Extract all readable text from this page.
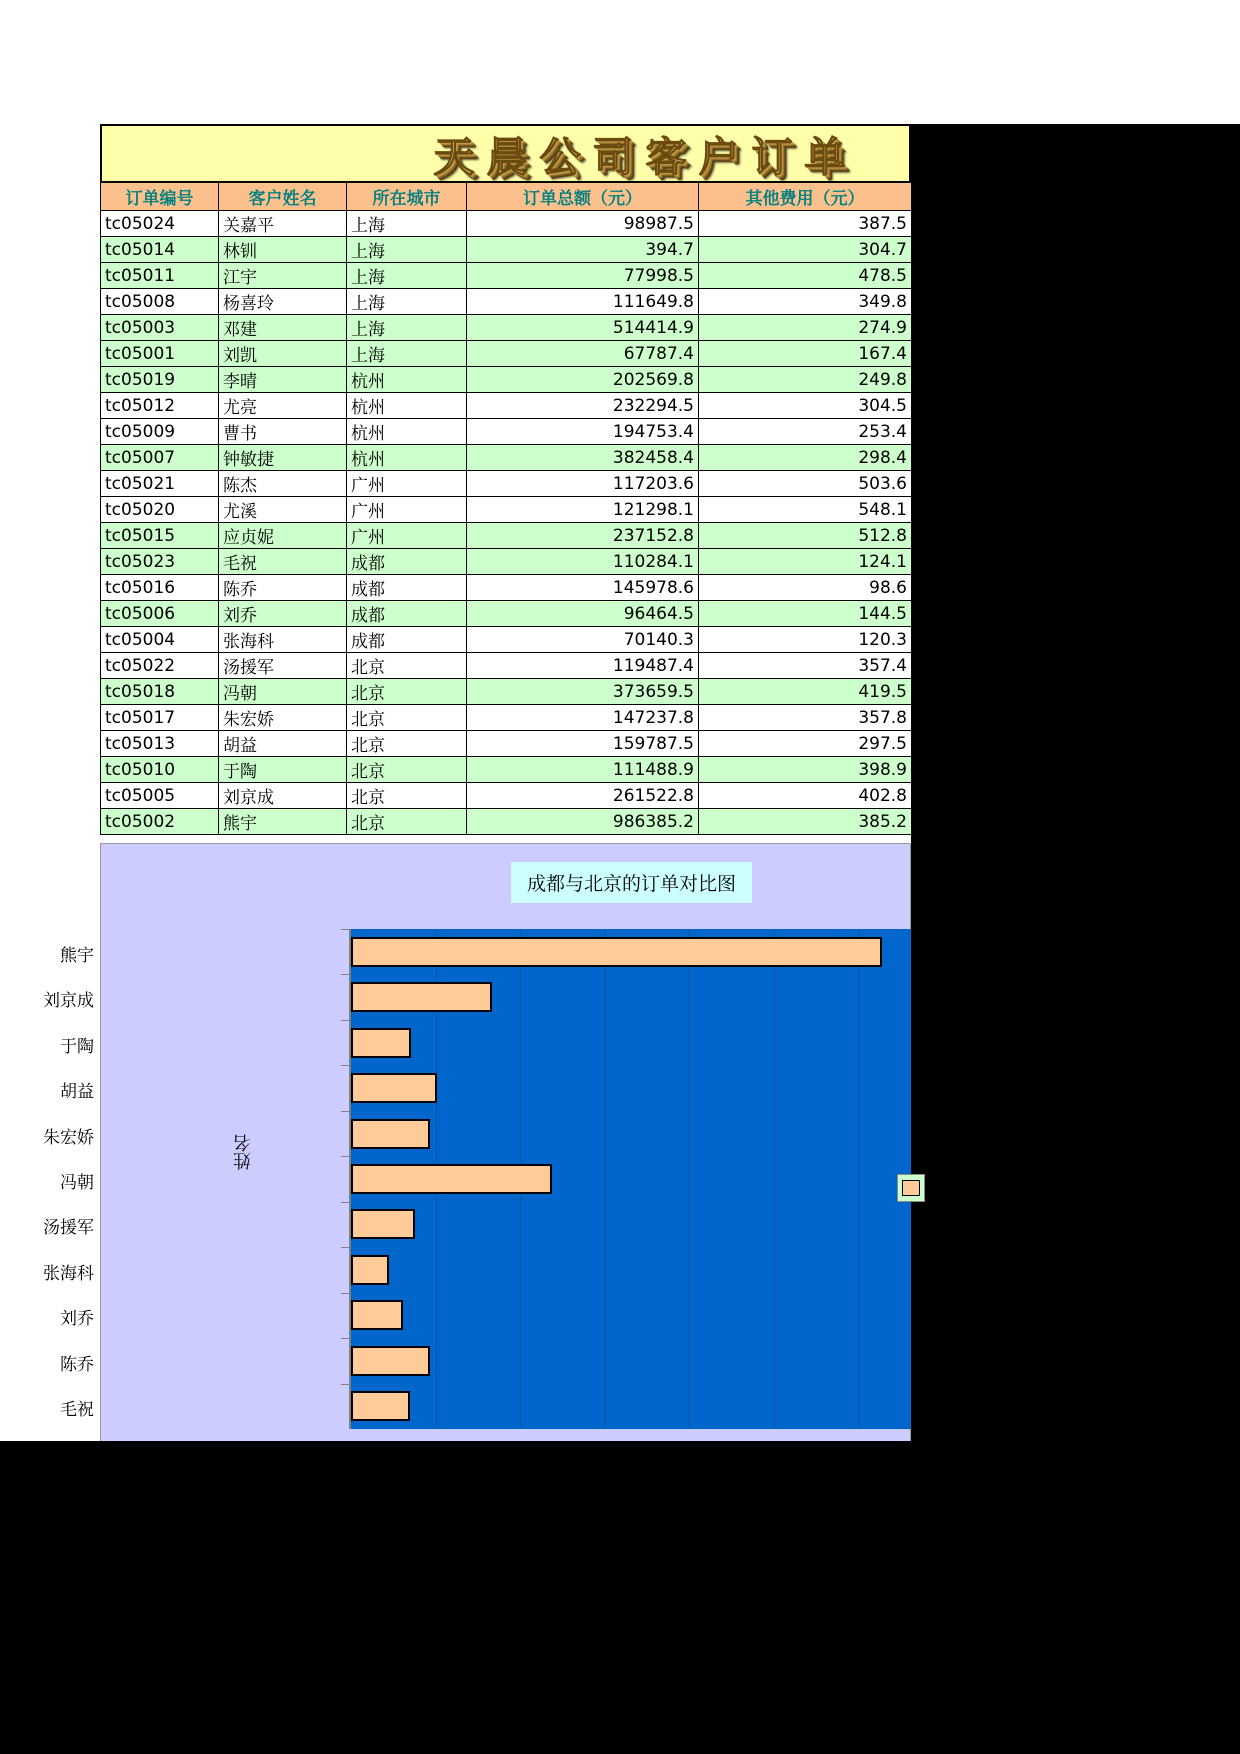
天晨公司客户订单
订单编号	客户姓名	所在城市	订单总额（元）	其他费用（元）
tc05024	关嘉平	上海	98987.5	387.5
tc05014	林钏	上海	394.7	304.7
tc05011	江宇	上海	77998.5	478.5
tc05008	杨喜玲	上海	111649.8	349.8
tc05003	邓建	上海	514414.9	274.9
tc05001	刘凯	上海	67787.4	167.4
tc05019	李晴	杭州	202569.8	249.8
tc05012	尤亮	杭州	232294.5	304.5
tc05009	曹书	杭州	194753.4	253.4
tc05007	钟敏捷	杭州	382458.4	298.4
tc05021	陈杰	广州	117203.6	503.6
tc05020	尤溪	广州	121298.1	548.1
tc05015	应贞妮	广州	237152.8	512.8
tc05023	毛祝	成都	110284.1	124.1
tc05016	陈乔	成都	145978.6	98.6
tc05006	刘乔	成都	96464.5	144.5
tc05004	张海科	成都	70140.3	120.3
tc05022	汤援军	北京	119487.4	357.4
tc05018	冯朝	北京	373659.5	419.5
tc05017	朱宏娇	北京	147237.8	357.8
tc05013	胡益	北京	159787.5	297.5
tc05010	于陶	北京	111488.9	398.9
tc05005	刘京成	北京	261522.8	402.8
tc05002	熊宇	北京	986385.2	385.2
成都与北京的订单对比图
姓名
毛祝
陈乔
刘乔
张海科
汤援军
冯朝
朱宏娇
胡益
于陶
刘京成
熊宇
